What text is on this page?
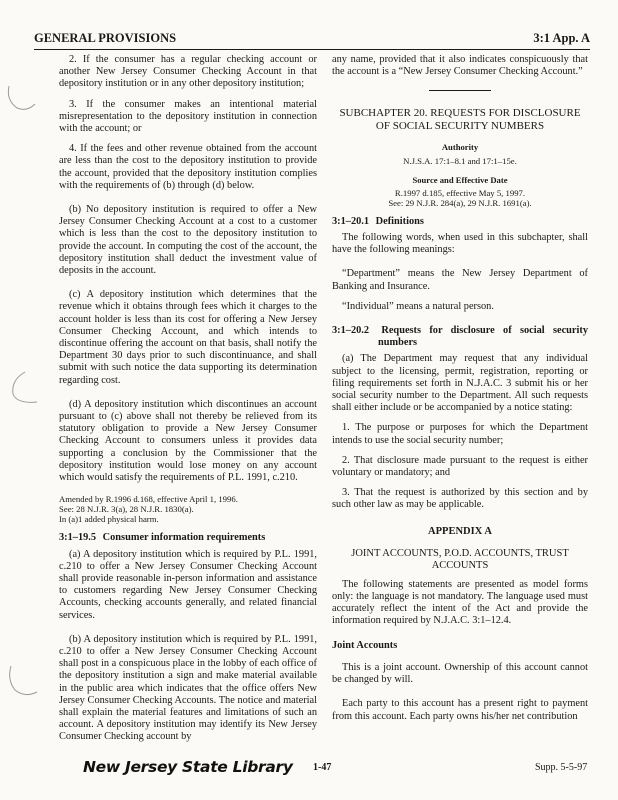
GENERAL PROVISIONS	3:1 App. A

2. If the consumer has a regular checking account or another New Jersey Consumer Checking Account in that depository institution or in any other depository institution;

3. If the consumer makes an intentional material misrepresentation to the depository institution in connection with the account; or

4. If the fees and other revenue obtained from the account are less than the cost to the depository institution to provide the account, provided that the depository institution complies with the requirements of (b) through (d) below.

(b) No depository institution is required to offer a New Jersey Consumer Checking Account at a cost to a customer which is less than the cost to the depository institution to provide the account. In computing the cost of the account, the depository institution shall deduct the investment value of deposits in the account.

(c) A depository institution which determines that the revenue which it obtains through fees which it charges to the account holder is less than its cost for offering a New Jersey Consumer Checking Account, and which intends to discontinue offering the account on that basis, shall notify the Department 30 days prior to such discontinuance, and shall submit with such notice the data supporting its determination regarding cost.

(d) A depository institution which discontinues an account pursuant to (c) above shall not thereby be relieved from its statutory obligation to provide a New Jersey Consumer Checking Account to consumers unless it provides data supporting a conclusion by the Commissioner that the depository institution would lose money on any account which would satisfy the requirements of P.L. 1991, c.210.

Amended by R.1996 d.168, effective April 1, 1996.
See: 28 N.J.R. 3(a), 28 N.J.R. 1830(a).
In (a)1 added physical harm.
3:1–19.5 Consumer information requirements

(a) A depository institution which is required by P.L. 1991, c.210 to offer a New Jersey Consumer Checking Account shall provide reasonable in-person information and assistance to customers regarding New Jersey Consumer Checking Accounts, checking accounts generally, and related financial services.

(b) A depository institution which is required by P.L. 1991, c.210 to offer a New Jersey Consumer Checking Account shall post in a conspicuous place in the lobby of each office of the depository institution a sign and make material available in the public area which indicates that the office offers New Jersey Consumer Checking Accounts. The notice and material shall explain the material features and limitations of such an account. A depository institution may identify its New Jersey Consumer Checking account by

any name, provided that it also indicates conspicuously that the account is a “New Jersey Consumer Checking Account.”

SUBCHAPTER 20. REQUESTS FOR DISCLOSURE OF SOCIAL SECURITY NUMBERS
Authority
N.J.S.A. 17:1–8.1 and 17:1–15e.
Source and Effective Date
R.1997 d.185, effective May 5, 1997.
See: 29 N.J.R. 284(a), 29 N.J.R. 1691(a).
3:1–20.1 Definitions

The following words, when used in this subchapter, shall have the following meanings:

“Department” means the New Jersey Department of Banking and Insurance.

“Individual” means a natural person.

3:1–20.2 Requests for disclosure of social security numbers

(a) The Department may request that any individual subject to the licensing, permit, registration, reporting or filing requirements set forth in N.J.A.C. 3 submit his or her social security number to the Department. All such requests shall either include or be accompanied by a notice stating:

1. The purpose or purposes for which the Department intends to use the social security number;

2. That disclosure made pursuant to the request is either voluntary or mandatory; and

3. That the request is authorized by this section and by such other law as may be applicable.

APPENDIX A
JOINT ACCOUNTS, P.O.D. ACCOUNTS, TRUST ACCOUNTS

The following statements are presented as model forms only: the language is not mandatory. The language used must accurately reflect the intent of the Act and provide the information required by N.J.A.C. 3:1–12.4.

Joint Accounts

This is a joint account. Ownership of this account cannot be changed by will.

Each party to this account has a present right to payment from this account. Each party owns his/her net contribution

New Jersey State Library 1-47	Supp. 5-5-97
